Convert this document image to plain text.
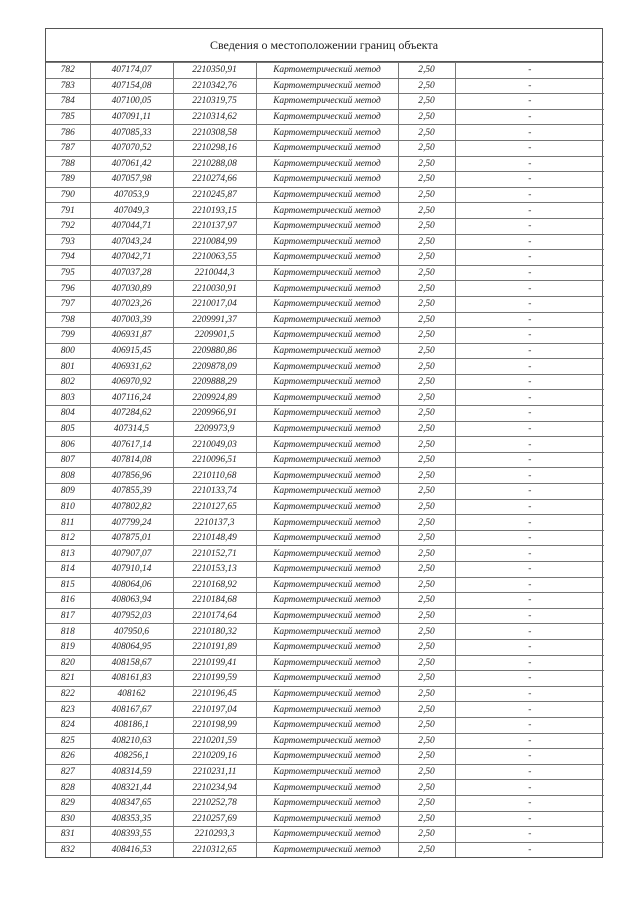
Сведения о местоположении границ объекта
782	407174,07	2210350,91	Картометрический метод	2,50	-
783	407154,08	2210342,76	Картометрический метод	2,50	-
784	407100,05	2210319,75	Картометрический метод	2,50	-
785	407091,11	2210314,62	Картометрический метод	2,50	-
786	407085,33	2210308,58	Картометрический метод	2,50	-
787	407070,52	2210298,16	Картометрический метод	2,50	-
788	407061,42	2210288,08	Картометрический метод	2,50	-
789	407057,98	2210274,66	Картометрический метод	2,50	-
790	407053,9	2210245,87	Картометрический метод	2,50	-
791	407049,3	2210193,15	Картометрический метод	2,50	-
792	407044,71	2210137,97	Картометрический метод	2,50	-
793	407043,24	2210084,99	Картометрический метод	2,50	-
794	407042,71	2210063,55	Картометрический метод	2,50	-
795	407037,28	2210044,3	Картометрический метод	2,50	-
796	407030,89	2210030,91	Картометрический метод	2,50	-
797	407023,26	2210017,04	Картометрический метод	2,50	-
798	407003,39	2209991,37	Картометрический метод	2,50	-
799	406931,87	2209901,5	Картометрический метод	2,50	-
800	406915,45	2209880,86	Картометрический метод	2,50	-
801	406931,62	2209878,09	Картометрический метод	2,50	-
802	406970,92	2209888,29	Картометрический метод	2,50	-
803	407116,24	2209924,89	Картометрический метод	2,50	-
804	407284,62	2209966,91	Картометрический метод	2,50	-
805	407314,5	2209973,9	Картометрический метод	2,50	-
806	407617,14	2210049,03	Картометрический метод	2,50	-
807	407814,08	2210096,51	Картометрический метод	2,50	-
808	407856,96	2210110,68	Картометрический метод	2,50	-
809	407855,39	2210133,74	Картометрический метод	2,50	-
810	407802,82	2210127,65	Картометрический метод	2,50	-
811	407799,24	2210137,3	Картометрический метод	2,50	-
812	407875,01	2210148,49	Картометрический метод	2,50	-
813	407907,07	2210152,71	Картометрический метод	2,50	-
814	407910,14	2210153,13	Картометрический метод	2,50	-
815	408064,06	2210168,92	Картометрический метод	2,50	-
816	408063,94	2210184,68	Картометрический метод	2,50	-
817	407952,03	2210174,64	Картометрический метод	2,50	-
818	407950,6	2210180,32	Картометрический метод	2,50	-
819	408064,95	2210191,89	Картометрический метод	2,50	-
820	408158,67	2210199,41	Картометрический метод	2,50	-
821	408161,83	2210199,59	Картометрический метод	2,50	-
822	408162	2210196,45	Картометрический метод	2,50	-
823	408167,67	2210197,04	Картометрический метод	2,50	-
824	408186,1	2210198,99	Картометрический метод	2,50	-
825	408210,63	2210201,59	Картометрический метод	2,50	-
826	408256,1	2210209,16	Картометрический метод	2,50	-
827	408314,59	2210231,11	Картометрический метод	2,50	-
828	408321,44	2210234,94	Картометрический метод	2,50	-
829	408347,65	2210252,78	Картометрический метод	2,50	-
830	408353,35	2210257,69	Картометрический метод	2,50	-
831	408393,55	2210293,3	Картометрический метод	2,50	-
832	408416,53	2210312,65	Картометрический метод	2,50	-
